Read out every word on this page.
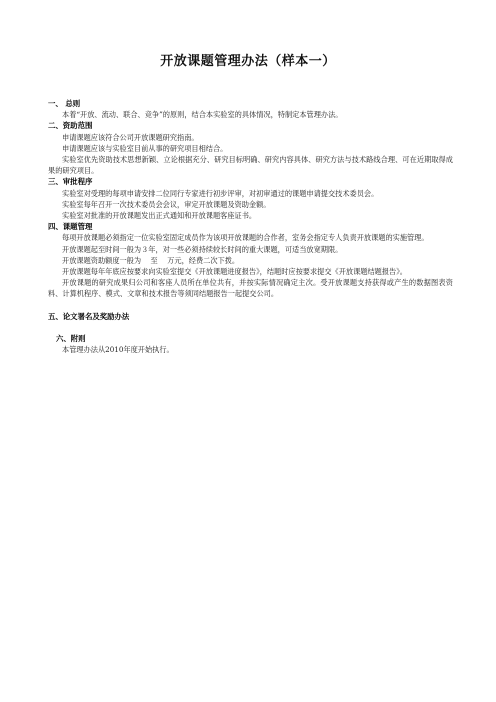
开放课题管理办法（样本一）
一、 总则

本着“开放、流动、联合、竞争”的原则，结合本实验室的具体情况，特制定本管理办法。

二、资助范围

申请课题应该符合公司开放课题研究指南。

申请课题应该与实验室目前从事的研究项目相结合。

实验室优先资助技术思想新颖、立论根据充分、研究目标明确、研究内容具体、研究方法与技术路线合理、可在近期取得成果的研究项目。

三、审批程序

实验室对受理的每项申请安排二位同行专家进行初步评审，对初审通过的课题申请提交技术委员会。

实验室每年召开一次技术委员会会议，审定开放课题及资助金额。

实验室对批准的开放课题发出正式通知和开放课题客座证书。

四、课题管理

每项开放课题必须指定一位实验室固定成员作为该项开放课题的合作者，室务会指定专人负责开放课题的实施管理。

开放课题起至时间一般为３年，对一些必须持续较长时间的重大课题，可适当放宽期限。

开放课题资助额度一般为　 至　 万元，经费二次下拨。

开放课题每年年底应按要求向实验室提交《开放课题进度报告》，结题时应按要求提交《开放课题结题报告》。

开放课题的研究成果归公司和客座人员所在单位共有，并按实际情况确定主次。受开放课题支持获得或产生的数据图表资料、计算机程序、模式、文章和技术报告等须同结题报告一起提交公司。

五、论文署名及奖励办法
六、附则

本管理办法从2010年度开始执行。
